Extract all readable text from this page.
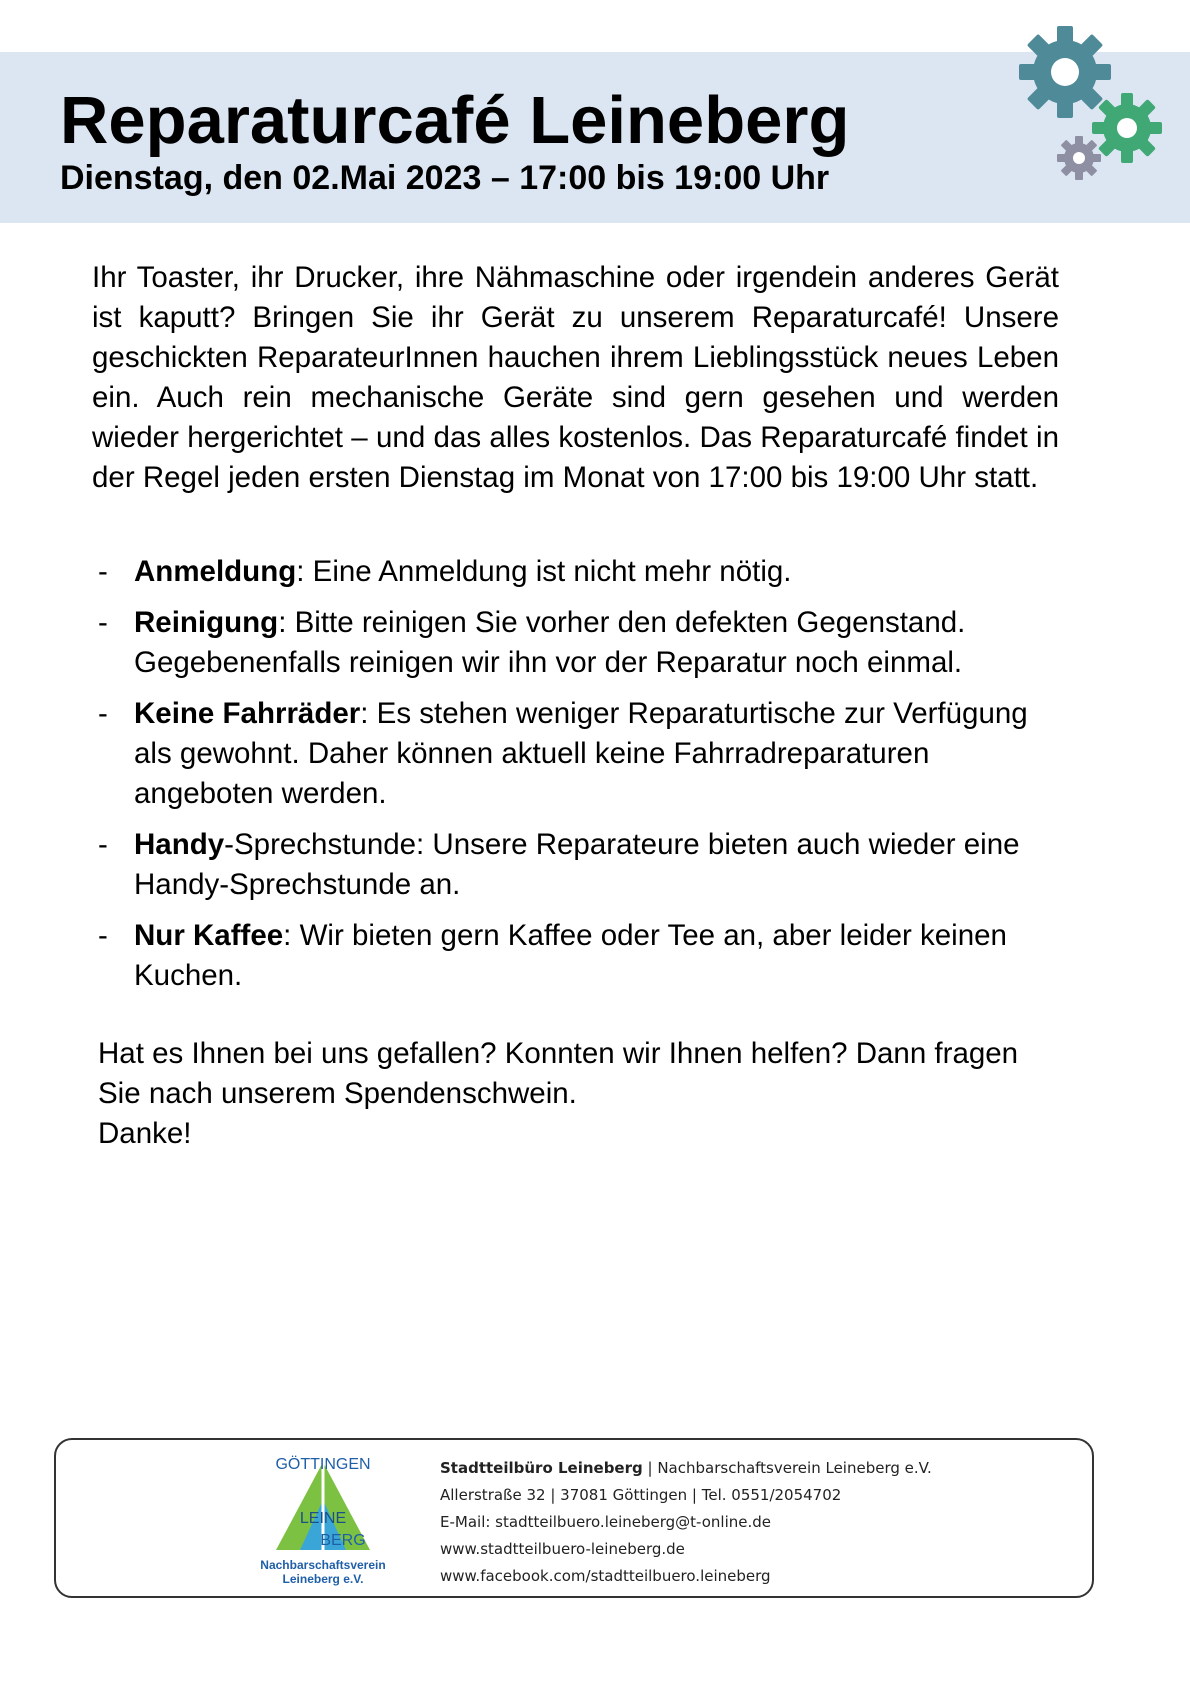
Reparaturcafé Leineberg
Dienstag, den 02.Mai 2023 – 17:00 bis 19:00 Uhr

Ihr Toaster, ihr Drucker, ihre Nähmaschine oder irgendein anderes Gerät ist kaputt? Bringen Sie ihr Gerät zu unserem Reparaturcafé! Unsere geschickten ReparateurInnen hauchen ihrem Lieblingsstück neues Leben ein. Auch rein mechanische Geräte sind gern gesehen und werden wieder hergerichtet – und das alles kostenlos. Das Reparaturcafé findet in der Regel jeden ersten Dienstag im Monat von 17:00 bis 19:00 Uhr statt.

- Anmeldung: Eine Anmeldung ist nicht mehr nötig.
- Reinigung: Bitte reinigen Sie vorher den defekten Gegenstand. Gegebenenfalls reinigen wir ihn vor der Reparatur noch einmal.
- Keine Fahrräder: Es stehen weniger Reparaturtische zur Verfügung als gewohnt. Daher können aktuell keine Fahrradreparaturen angeboten werden.
- Handy-Sprechstunde: Unsere Reparateure bieten auch wieder eine Handy-Sprechstunde an.
- Nur Kaffee: Wir bieten gern Kaffee oder Tee an, aber leider keinen Kuchen.
Hat es Ihnen bei uns gefallen? Konnten wir Ihnen helfen? Dann fragen Sie nach unserem Spendenschwein.
Danke!
GÖTTINGEN
LEINE
BERG
Nachbarschaftsverein
Leineberg e.V.
Stadtteilbüro Leineberg | Nachbarschaftsverein Leineberg e.V.
Allerstraße 32 | 37081 Göttingen | Tel. 0551/2054702
E-Mail: stadtteilbuero.leineberg@t-online.de
www.stadtteilbuero-leineberg.de
www.facebook.com/stadtteilbuero.leineberg
